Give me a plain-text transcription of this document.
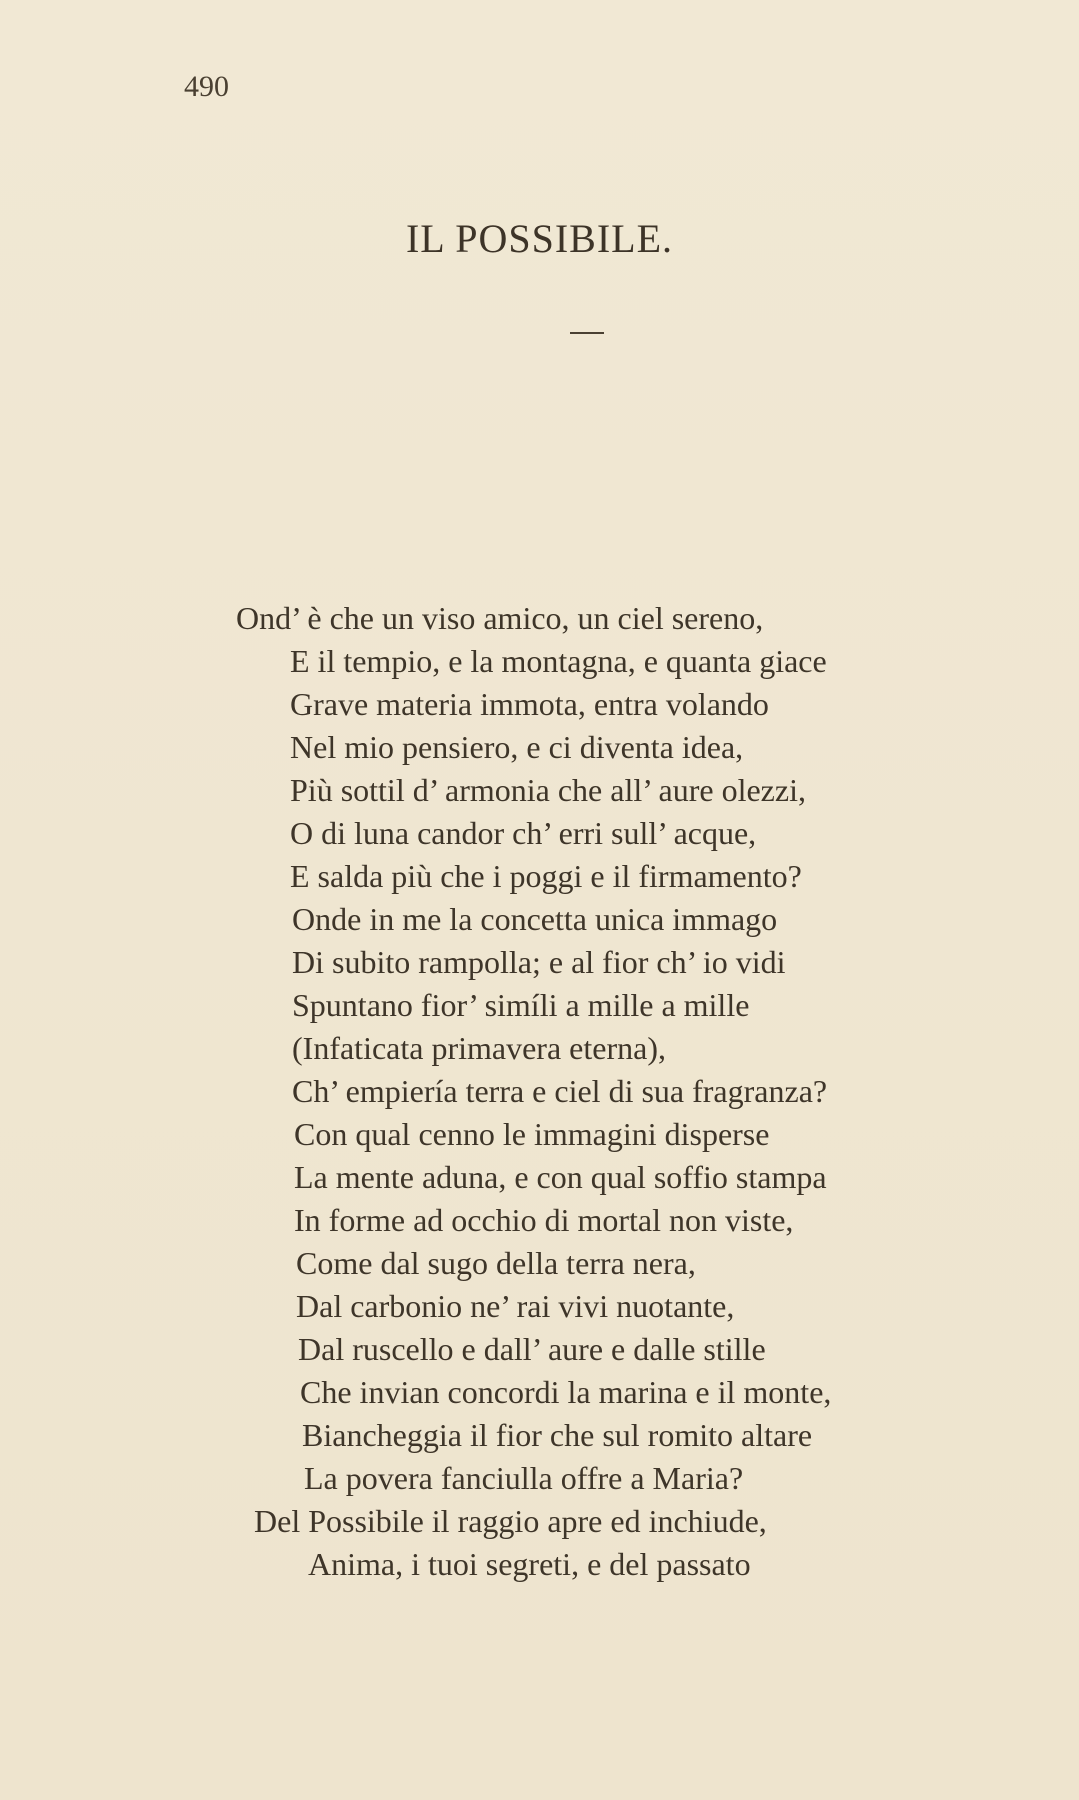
490
IL POSSIBILE.
Ond’ è che un viso amico, un ciel sereno,
E il tempio, e la montagna, e quanta giace
Grave materia immota, entra volando
Nel mio pensiero, e ci diventa idea,
Più sottil d’ armonia che all’ aure olezzi,
O di luna candor ch’ erri sull’ acque,
E salda più che i poggi e il firmamento?
Onde in me la concetta unica immago
Di subito rampolla; e al fior ch’ io vidi
Spuntano fior’ simíli a mille a mille
(Infaticata primavera eterna),
Ch’ empiería terra e ciel di sua fragranza?
Con qual cenno le immagini disperse
La mente aduna, e con qual soffio stampa
In forme ad occhio di mortal non viste,
Come dal sugo della terra nera,
Dal carbonio ne’ rai vivi nuotante,
Dal ruscello e dall’ aure e dalle stille
Che invian concordi la marina e il monte,
Biancheggia il fior che sul romito altare
La povera fanciulla offre a Maria?
Del Possibile il raggio apre ed inchiude,
Anima, i tuoi segreti, e del passato
